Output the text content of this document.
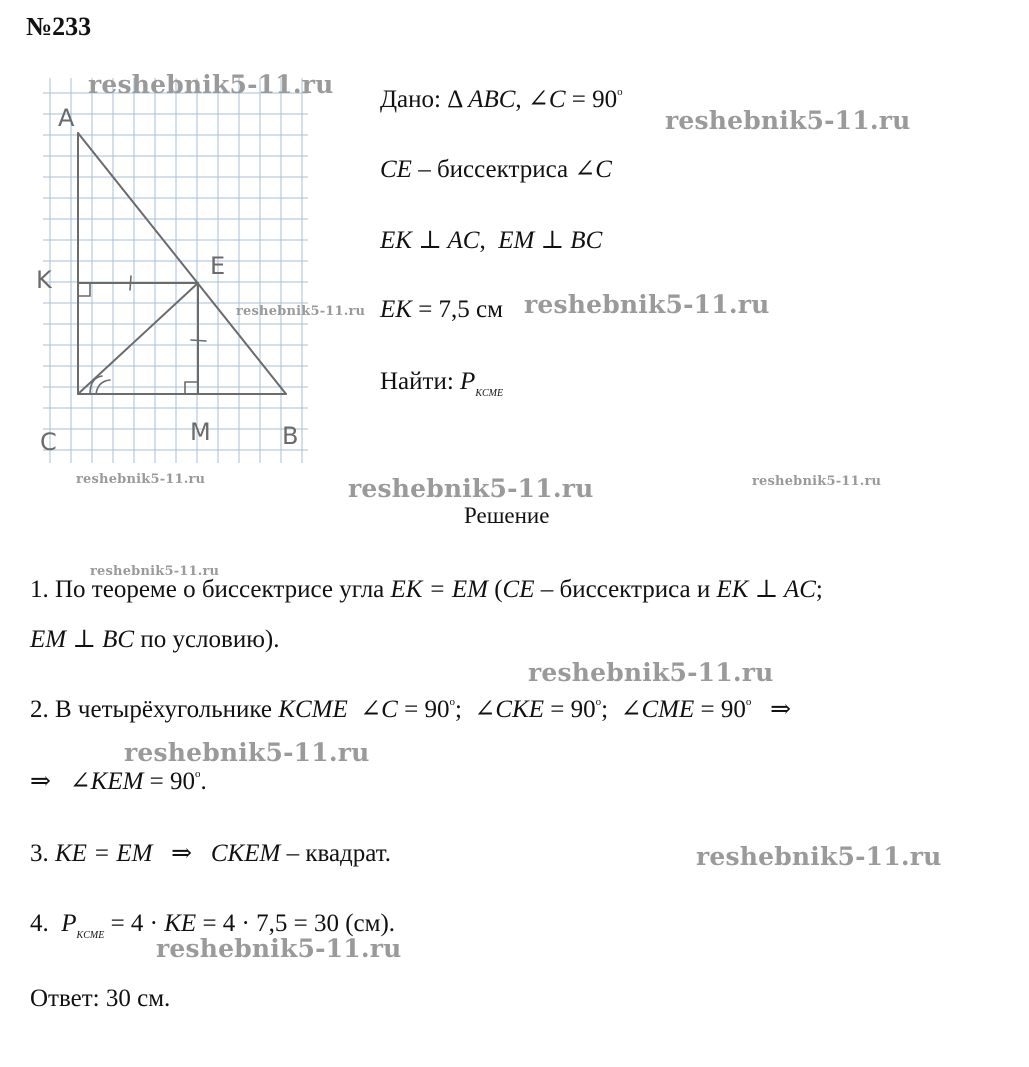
№233
A
K	E
C	M	B
Дано: Δ ABC, ∠C = $90^о$
CE – биссектриса ∠C
EK ⊥ AC,  EM ⊥ BC
EK = 7,5 см
Найти: $P_{KCME}$
Решение
1. По теореме о биссектрисе угла EK = EM (CE – биссектриса и EK ⊥ AC;
EM ⊥ BC по условию).
2. В четырёхугольнике KCME ∠C = $90^о$; ∠CKE = $90^о$; ∠CME = $90^о$ ⇒
⇒ ∠KEM = $90^о$.
3. KE = EM ⇒ CKEM – квадрат.
4.  $P_{KCME} = 4$ · KE = 4 · 7,5 = 30 (см).
Ответ: 30 см.
reshebnik5-11.ru
reshebnik5-11.ru
reshebnik5-11.ru	reshebnik5-11.ru
reshebnik5-11.ru	reshebnik5-11.ru	reshebnik5-11.ru
reshebnik5-11.ru
reshebnik5-11.ru
reshebnik5-11.ru
reshebnik5-11.ru
reshebnik5-11.ru
